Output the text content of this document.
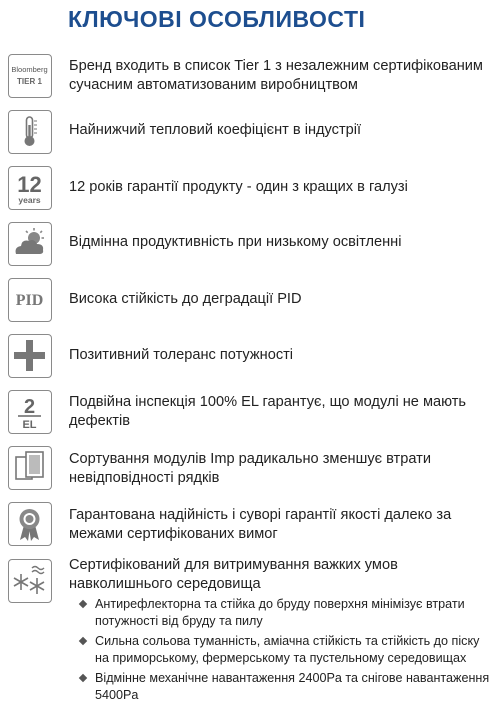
КЛЮЧОВІ ОСОБЛИВОСТІ
Bloomberg
TIER 1
Бренд входить в список Tier 1 з незалежним сертифікованим сучасним автоматизованим виробництвом
Найнижчий тепловий коефіцієнт в індустрії
12
years
12 років гарантії продукту - один з кращих в галузі
Відмінна продуктивність при низькому освітленні
PID Висока стійкість до деградації PID
Позитивний толеранс потужності
2
EL
Подвійна інспекція 100% EL гарантує, що модулі не мають дефектів
Сортування модулів Imp радикально зменшує втрати невідповідності рядків
Гарантована надійність і суворі гарантії якості далеко за межами сертифікованих вимог
Сертифікований для витримування важких умов навколишнього середовища
Антирефлекторна та стійка до бруду поверхня мінімізує втрати потужності від бруду та пилу
Сильна сольова туманність, аміачна стійкість та стійкість до піску на приморському, фермерському та пустельному середовищах
Відмінне механічне навантаження 2400Pa та снігове навантаження 5400Pa
